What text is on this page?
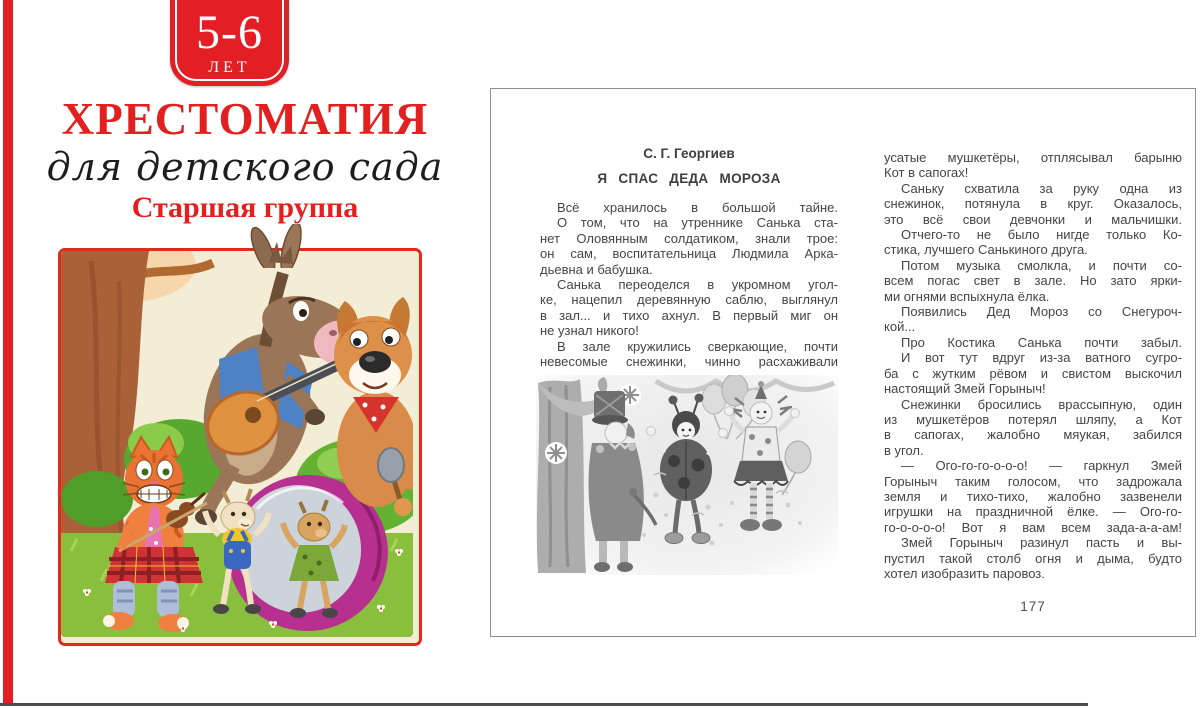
5-6
ЛЕТ
ХРЕСТОМАТИЯ
для детского сада
Старшая группа
С. Г. Георгиев
Я СПАС ДЕДА МОРОЗА
Всё хранилось в большой тайне.
О том, что на утреннике Санька ста-
нет Оловянным солдатиком, знали трое:
он сам, воспитательница Людмила Арка-
дьевна и бабушка.
Санька переоделся в укромном угол-
ке, нацепил деревянную саблю, выглянул
в зал... и тихо ахнул. В первый миг он
не узнал никого!
В зале кружились сверкающие, почти
невесомые снежинки, чинно расхаживали
усатые мушкетёры, отплясывал барыню
Кот в сапогах!
Саньку схватила за руку одна из
снежинок, потянула в круг. Оказалось,
это всё свои девчонки и мальчишки.
Отчего-то не было нигде только Ко-
стика, лучшего Санькиного друга.
Потом музыка смолкла, и почти со-
всем погас свет в зале. Но зато ярки-
ми огнями вспыхнула ёлка.
Появились Дед Мороз со Снегуроч-
кой...
Про Костика Санька почти забыл.
И вот тут вдруг из-за ватного сугро-
ба с жутким рёвом и свистом выскочил
настоящий Змей Горыныч!
Снежинки бросились врассыпную, один
из мушкетёров потерял шляпу, а Кот
в сапогах, жалобно мяукая, забился
в угол.
— Ого-го-го-о-о-о! — гаркнул Змей
Горыныч таким голосом, что задрожала
земля и тихо-тихо, жалобно зазвенели
игрушки на праздничной ёлке. — Ого-го-
го-о-о-о-о! Вот я вам всем зада-а-а-ам!
Змей Горыныч разинул пасть и вы-
пустил такой столб огня и дыма, будто
хотел изобразить паровоз.
177
